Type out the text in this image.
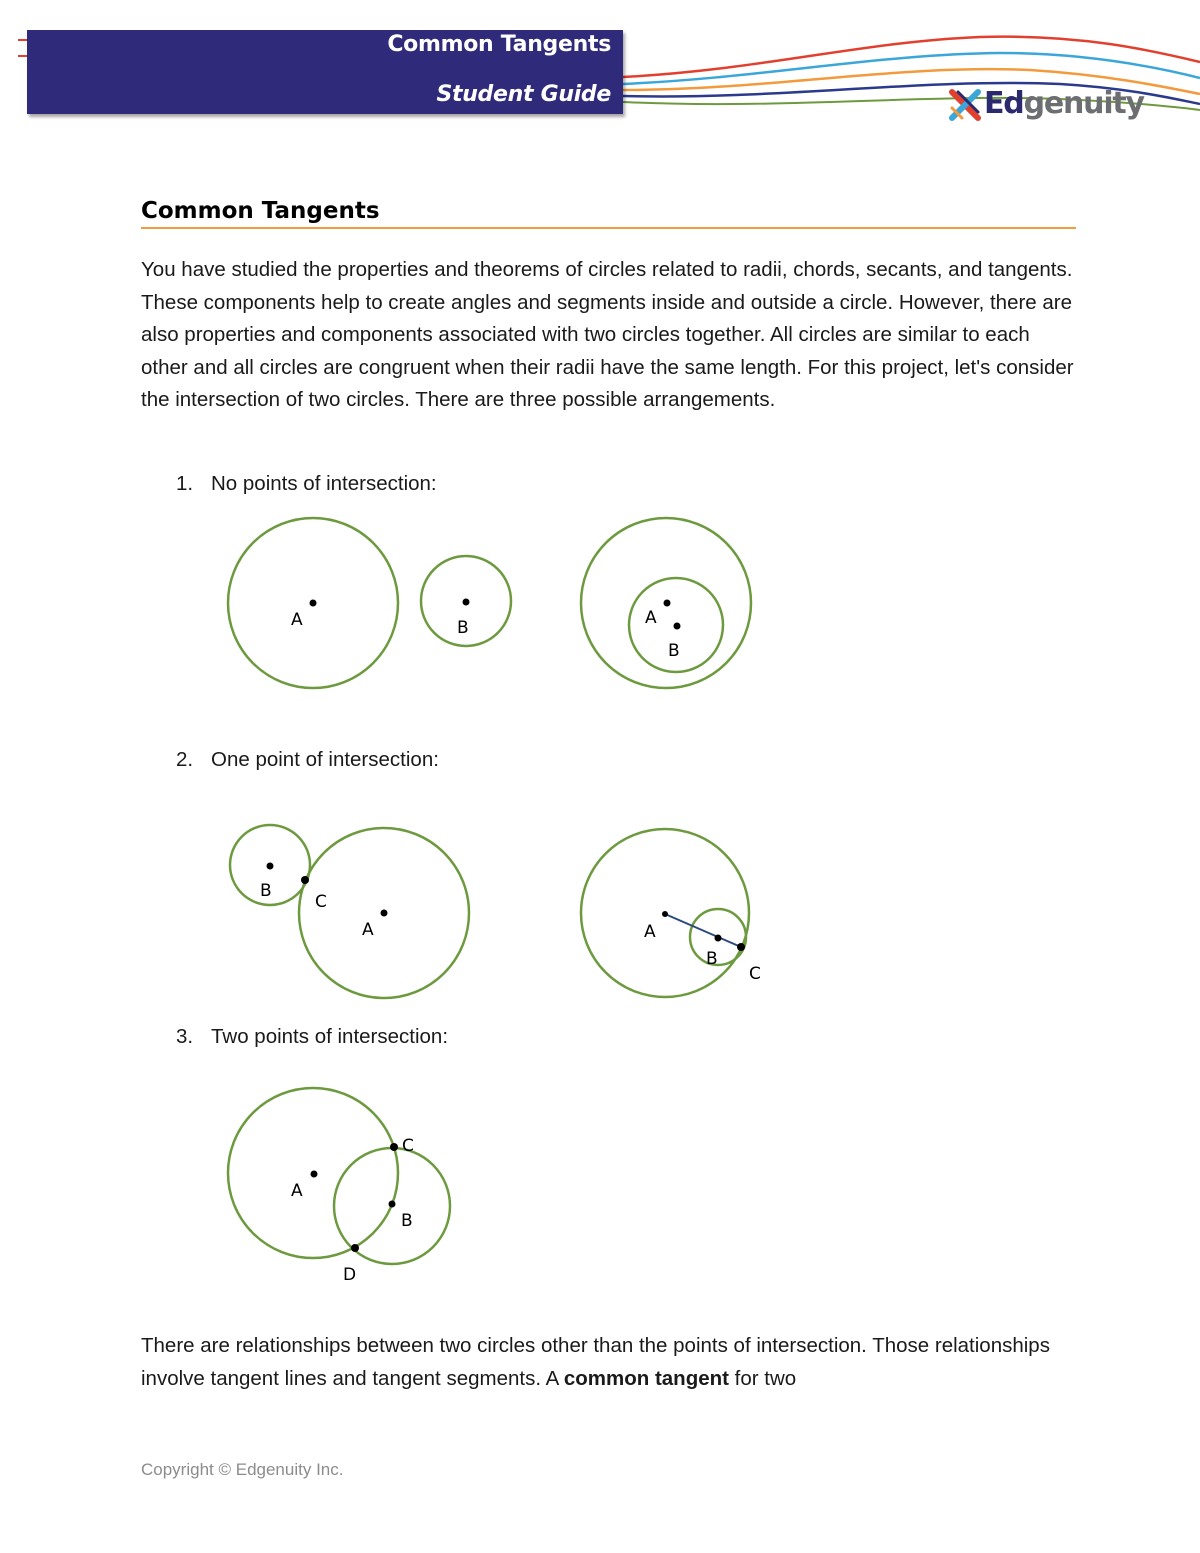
Common Tangents
Student Guide	Edgenuity
Common Tangents

You have studied the properties and theorems of circles related to radii, chords, secants, and tangents. These components help to create angles and segments inside and outside a circle. However, there are also properties and components associated with two circles together. All circles are similar to each other and all circles are congruent when their radii have the same length. For this project, let's consider the intersection of two circles. There are three possible arrangements.

1. No points of intersection:
A	B	A
B
2. One point of intersection:
B
C
A	A
B
C
3. Two points of intersection:
A
C
B
D

There are relationships between two circles other than the points of intersection. Those relationships involve tangent lines and tangent segments. A common tangent for two

Copyright © Edgenuity Inc.
